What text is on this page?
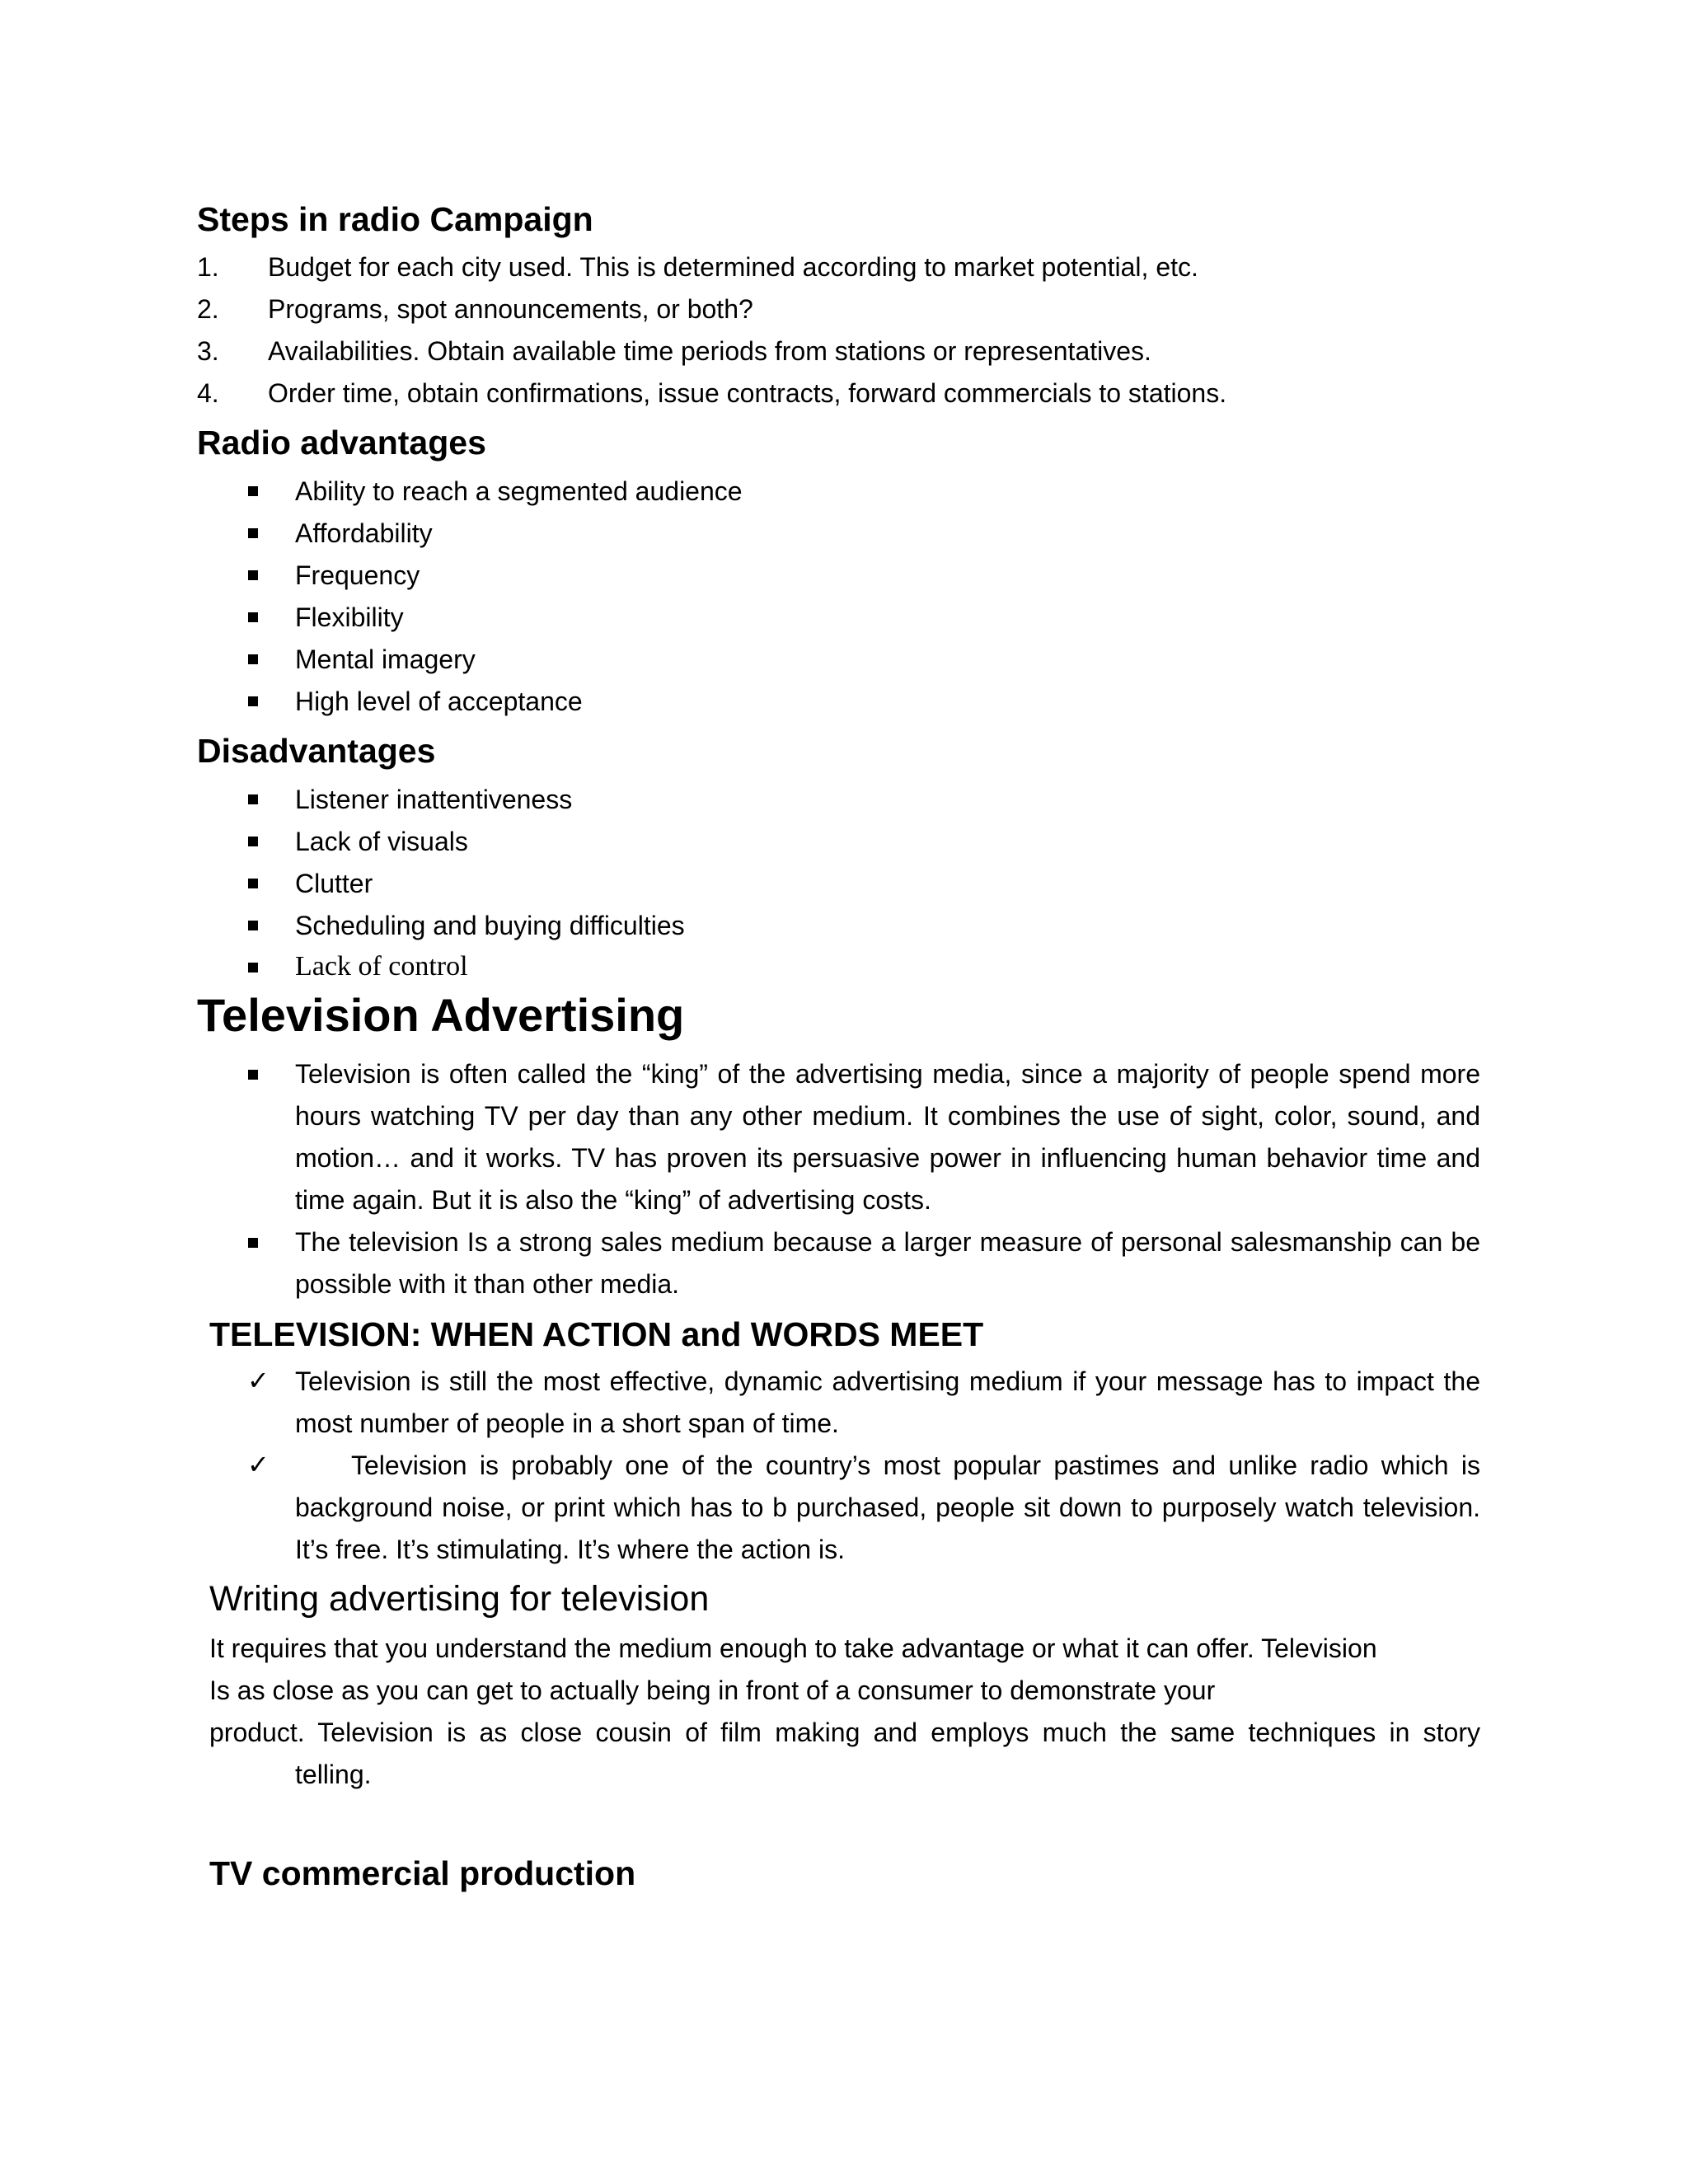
Steps in radio Campaign
1. Budget for each city used. This is determined according to market potential, etc.
2. Programs, spot announcements, or both?
3. Availabilities. Obtain available time periods from stations or representatives.
4. Order time, obtain confirmations, issue contracts, forward commercials to stations.
Radio advantages
Ability to reach a segmented audience
Affordability
Frequency
Flexibility
Mental imagery
High level of acceptance
Disadvantages
Listener inattentiveness
Lack of visuals
Clutter
Scheduling and buying difficulties
Lack of control
Television Advertising

Television is often called the “king” of the advertising media, since a majority of people spend more hours watching TV per day than any other medium. It combines the use of sight, color, sound, and motion… and it works. TV has proven its persuasive power in influencing human behavior time and time again. But it is also the “king” of advertising costs.

The television Is a strong sales medium because a larger measure of personal salesmanship can be possible with it than other media.

TELEVISION: WHEN ACTION and WORDS MEET
✓ Television is still the most effective, dynamic advertising medium if your message has to impact the most number of people in a short span of time.

✓	Television is probably one of the country’s most popular pastimes and unlike radio which is background noise, or print which has to b purchased, people sit down to purposely watch television. It’s free. It’s stimulating. It’s where the action is.

Writing advertising for television
It requires that you understand the medium enough to take advantage or what it can offer. Television
Is as close as you can get to actually being in front of a consumer to demonstrate your
product. Television is as close cousin of film making and employs much the same techniques in story
telling.
TV commercial production
